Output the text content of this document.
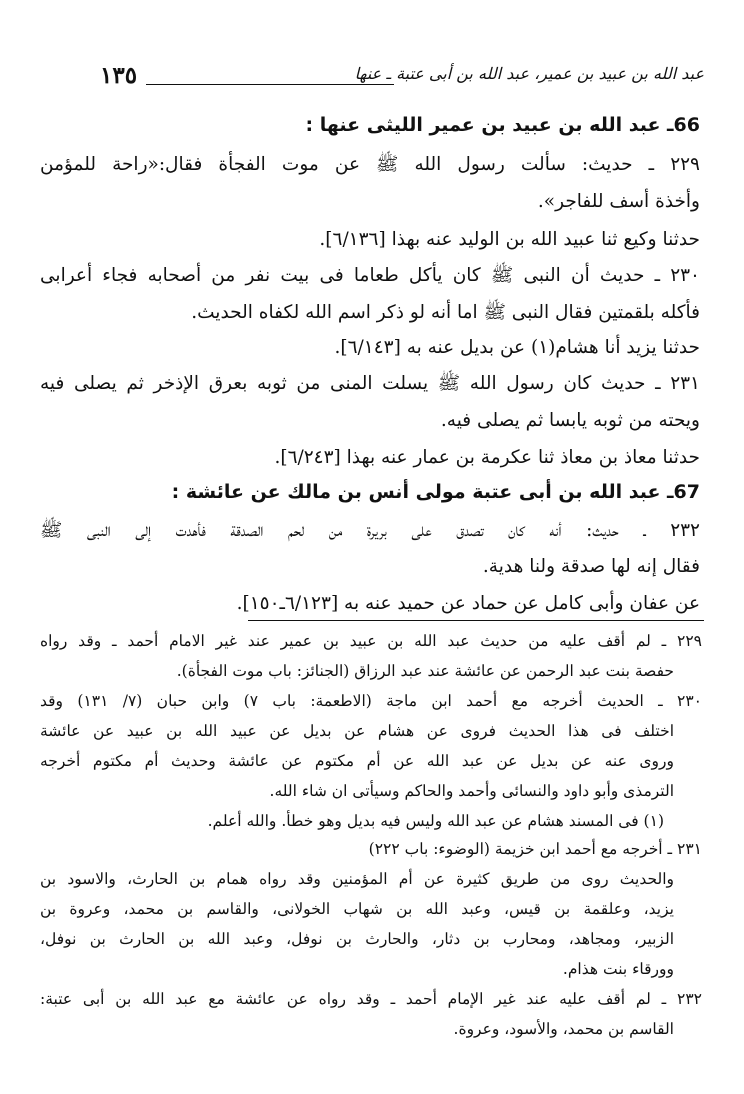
١٣٥	عبد الله بن عبيد بن عمير، عبد الله بن أبى عتبة ـ عنها
66ـ عبد الله بن عبيد بن عمير الليثى عنها :
٢٢٩ ـ حديث: سألت رسول الله ﷺ عن موت الفجأة فقال:«راحة للمؤمن
وأخذة أسف للفاجر».
حدثنا وكيع ثنا عبيد الله بن الوليد عنه بهذا [٦/١٣٦].
٢٣٠ ـ حديث أن النبى ﷺ كان يأكل طعاما فى بيت نفر من أصحابه فجاء أعرابى
فأكله بلقمتين فقال النبى ﷺ اما أنه لو ذكر اسم الله لكفاه الحديث.
حدثنا يزيد أنا هشام(١) عن بديل عنه به [٦/١٤٣].
٢٣١ ـ حديث كان رسول الله ﷺ يسلت المنى من ثوبه بعرق الإذخر ثم يصلى فيه
ويحته من ثوبه يابسا ثم يصلى فيه.
حدثنا معاذ بن معاذ ثنا عكرمة بن عمار عنه بهذا [٦/٢٤٣].
67ـ عبد الله بن أبى عتبة مولى أنس بن مالك عن عائشة :
٢٣٢ ـ حديث: أنه كان تصدق على بريرة من لحم الصدقة فأهدت إلى النبى ﷺ
فقال إنه لها صدقة ولنا هدية.
عن عفان وأبى كامل عن حماد عن حميد عنه به [٦/١٢٣ـ١٥٠].
٢٢٩ ـ لم أقف عليه من حديث عبد الله بن عبيد بن عمير عند غير الامام أحمد ـ وقد رواه
حفصة بنت عبد الرحمن عن عائشة عند عبد الرزاق (الجنائز: باب موت الفجأة).
٢٣٠ ـ الحديث أخرجه مع أحمد ابن ماجة (الاطعمة: باب ٧) وابن حبان (٧/ ١٣١) وقد
اختلف فى هذا الحديث فروى عن هشام عن بديل عن عبيد الله بن عبيد عن عائشة
وروى عنه عن بديل عن عبد الله عن أم مكتوم عن عائشة وحديث أم مكتوم أخرجه
الترمذى وأبو داود والنسائى وأحمد والحاكم وسيأتى ان شاء الله.
(١) فى المسند هشام عن عبد الله وليس فيه بديل وهو خطأ. والله أعلم.
٢٣١ ـ أخرجه مع أحمد ابن خزيمة (الوضوء: باب ٢٢٢)
والحديث روى من طريق كثيرة عن أم المؤمنين وقد رواه همام بن الحارث، والاسود بن
يزيد، وعلقمة بن قيس، وعبد الله بن شهاب الخولانى، والقاسم بن محمد، وعروة بن
الزبير، ومجاهد، ومحارب بن دثار، والحارث بن نوفل، وعبد الله بن الحارث بن نوفل،
وورقاء بنت هذام.
٢٣٢ ـ لم أقف عليه عند غير الإمام أحمد ـ وقد رواه عن عائشة مع عبد الله بن أبى عتبة:
القاسم بن محمد، والأسود، وعروة.
